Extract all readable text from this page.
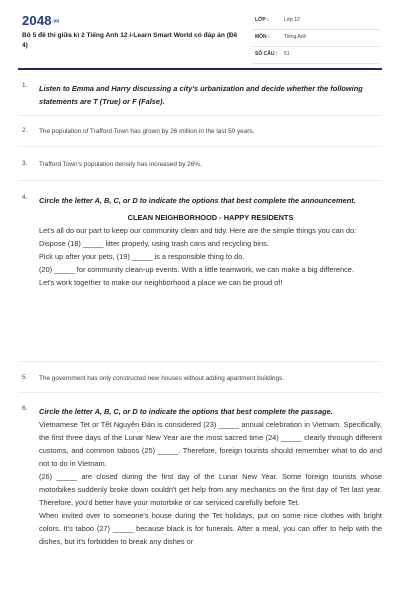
2048.vn
Bộ 5 đề thi giữa kì 2 Tiếng Anh 12 i-Learn Smart World có đáp án (Đề 4)
LỚP :	Lớp 12
MÔN :	Tiếng Anh
SỐ CÂU : 51
1. Listen to Emma and Harry discussing a city's urbanization and decide whether the following statements are T (True) or F (False).
2. The population of Trafford Town has grown by 26 million in the last 50 years.
3. Trafford Town's population density has increased by 26%.
4. Circle the letter A, B, C, or D to indicate the options that best complete the announcement.

CLEAN NEIGHBORHOOD - HAPPY RESIDENTS

Let's all do our part to keep our community clean and tidy. Here are the simple things you can do:

Dispose (18) _____ litter properly, using trash cans and recycling bins.

Pick up after your pets, (19) _____ is a responsible thing to do.

(20) _____ for community clean-up events. With a little teamwork, we can make a big difference.

Let's work together to make our neighborhood a place we can be proud of!

5. The government has only constructed new houses without adding apartment buildings.
6. Circle the letter A, B, C, or D to indicate the options that best complete the passage.

Vietnamese Tet or Tết Nguyên Đán is considered (23) _____ annual celebration in Vietnam. Specifically, the first three days of the Lunar New Year are the most sacred time (24) _____ clearly through different customs, and common taboos (25) _____. Therefore, foreign tourists should remember what to do and not to do in Vietnam.

(26) _____ are closed during the first day of the Lunar New Year. Some foreign tourists whose motorbikes suddenly broke down couldn't get help from any mechanics on the first day of Tet last year. Therefore, you'd better have your motorbike or car serviced carefully before Tet.

When invited over to someone's house during the Tet holidays, put on some nice clothes with bright colors. It's taboo (27) _____ because black is for funerals. After a meal, you can offer to help with the dishes, but it's forbidden to break any dishes or
